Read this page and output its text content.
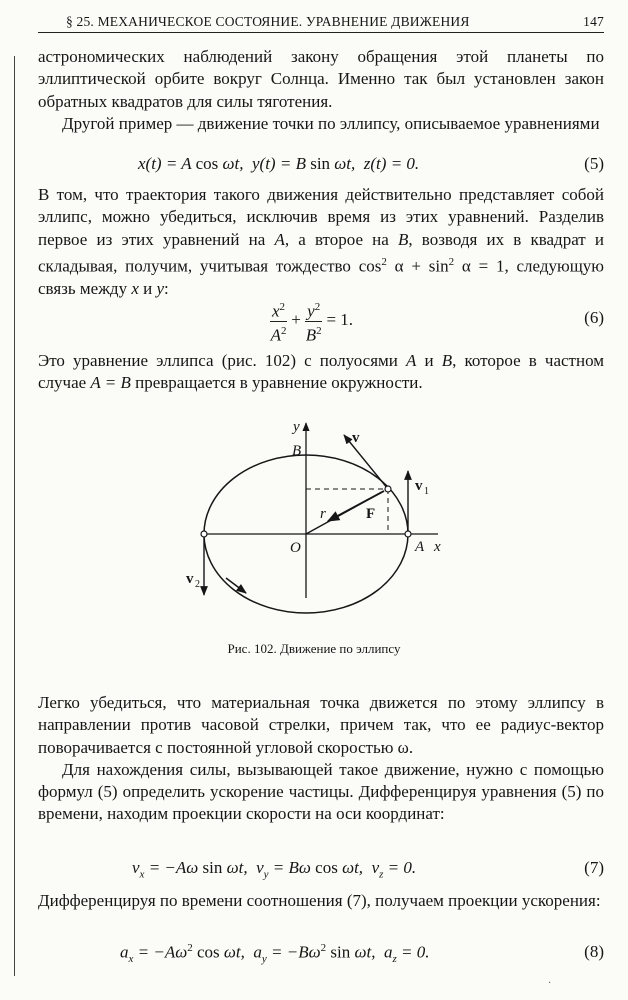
§ 25. МЕХАНИЧЕСКОЕ СОСТОЯНИЕ. УРАВНЕНИЕ ДВИЖЕНИЯ	147

астрономических наблюдений закону обращения этой планеты по эллиптической орбите вокруг Солнца. Именно так был установлен закон обратных квадратов для силы тяготения.

Другой пример — движение точки по эллипсу, описываемое уравнениями

x(t) = A cos ωt, y(t) = B sin ωt, z(t) = 0.	(5)

В том, что траектория такого движения действительно представляет собой эллипс, можно убедиться, исключив время из этих уравнений. Разделив первое из этих уравнений на A, а второе на B, возводя их в квадрат и складывая, получим, учитывая тождество $\cos^2 \alpha + \sin^2 \alpha = 1$, следующую связь между x и y:

$\frac{x^2}{A^2} + \frac{y^2}{B^2} = 1$.	(6)

Это уравнение эллипса (рис. 102) с полуосями A и B, которое в частном случае A = B превращается в уравнение окружности.

y
B
O	A x
r	F
v
v 1
v 2
Рис. 102. Движение по эллипсу

Легко убедиться, что материальная точка движется по этому эллипсу в направлении против часовой стрелки, причем так, что ее радиус-вектор поворачивается с постоянной угловой скоростью ω.

Для нахождения силы, вызывающей такое движение, нужно с помощью формул (5) определить ускорение частицы. Дифференцируя уравнения (5) по времени, находим проекции скорости на оси координат:

$v_x = -A\omega$ sin ωt, $v_y = B\omega$ cos ωt, $v_z = 0$.	(7)

Дифференцируя по времени соотношения (7), получаем проекции ускорения:

$a_x = -A\omega^2$ cos ωt, $a_y = -B\omega^2$ sin ωt, $a_z = 0$.	(8)
·
